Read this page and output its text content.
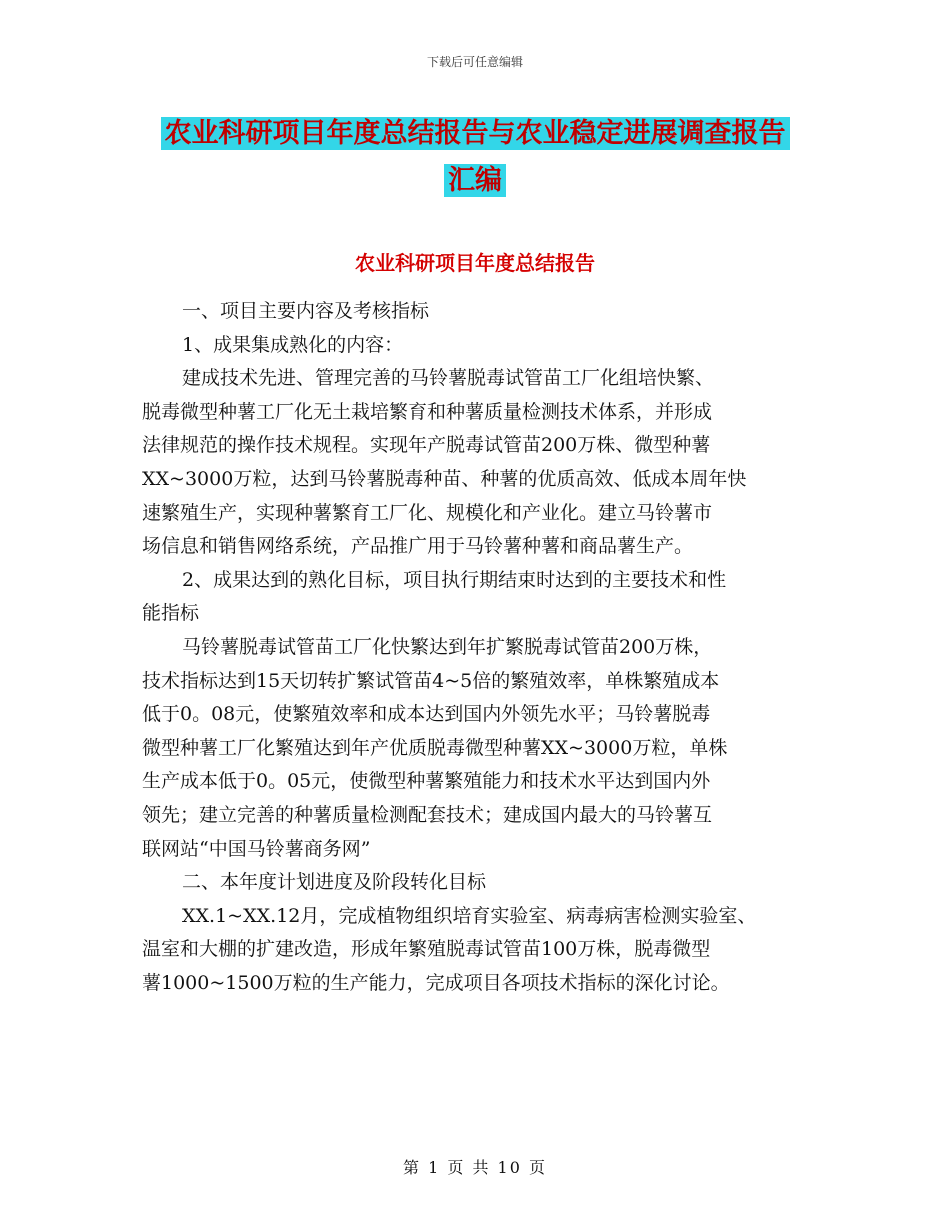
下载后可任意编辑
农业科研项目年度总结报告与农业稳定进展调查报告
汇编
农业科研项目年度总结报告
一、项目主要内容及考核指标
1、成果集成熟化的内容：
建成技术先进、管理完善的马铃薯脱毒试管苗工厂化组培快繁、
脱毒微型种薯工厂化无土栽培繁育和种薯质量检测技术体系，并形成
法律规范的操作技术规程。实现年产脱毒试管苗200万株、微型种薯
XX~3000万粒，达到马铃薯脱毒种苗、种薯的优质高效、低成本周年快
速繁殖生产，实现种薯繁育工厂化、规模化和产业化。建立马铃薯市
场信息和销售网络系统，产品推广用于马铃薯种薯和商品薯生产。
2、成果达到的熟化目标，项目执行期结束时达到的主要技术和性
能指标
马铃薯脱毒试管苗工厂化快繁达到年扩繁脱毒试管苗200万株，
技术指标达到15天切转扩繁试管苗4~5倍的繁殖效率，单株繁殖成本
低于0。08元，使繁殖效率和成本达到国内外领先水平；马铃薯脱毒
微型种薯工厂化繁殖达到年产优质脱毒微型种薯XX~3000万粒，单株
生产成本低于0。05元，使微型种薯繁殖能力和技术水平达到国内外
领先；建立完善的种薯质量检测配套技术；建成国内最大的马铃薯互
联网站“中国马铃薯商务网”
二、本年度计划进度及阶段转化目标
XX.1~XX.12月，完成植物组织培育实验室、病毒病害检测实验室、
温室和大棚的扩建改造，形成年繁殖脱毒试管苗100万株，脱毒微型
薯1000~1500万粒的生产能力，完成项目各项技术指标的深化讨论。
第 1 页 共 10 页
